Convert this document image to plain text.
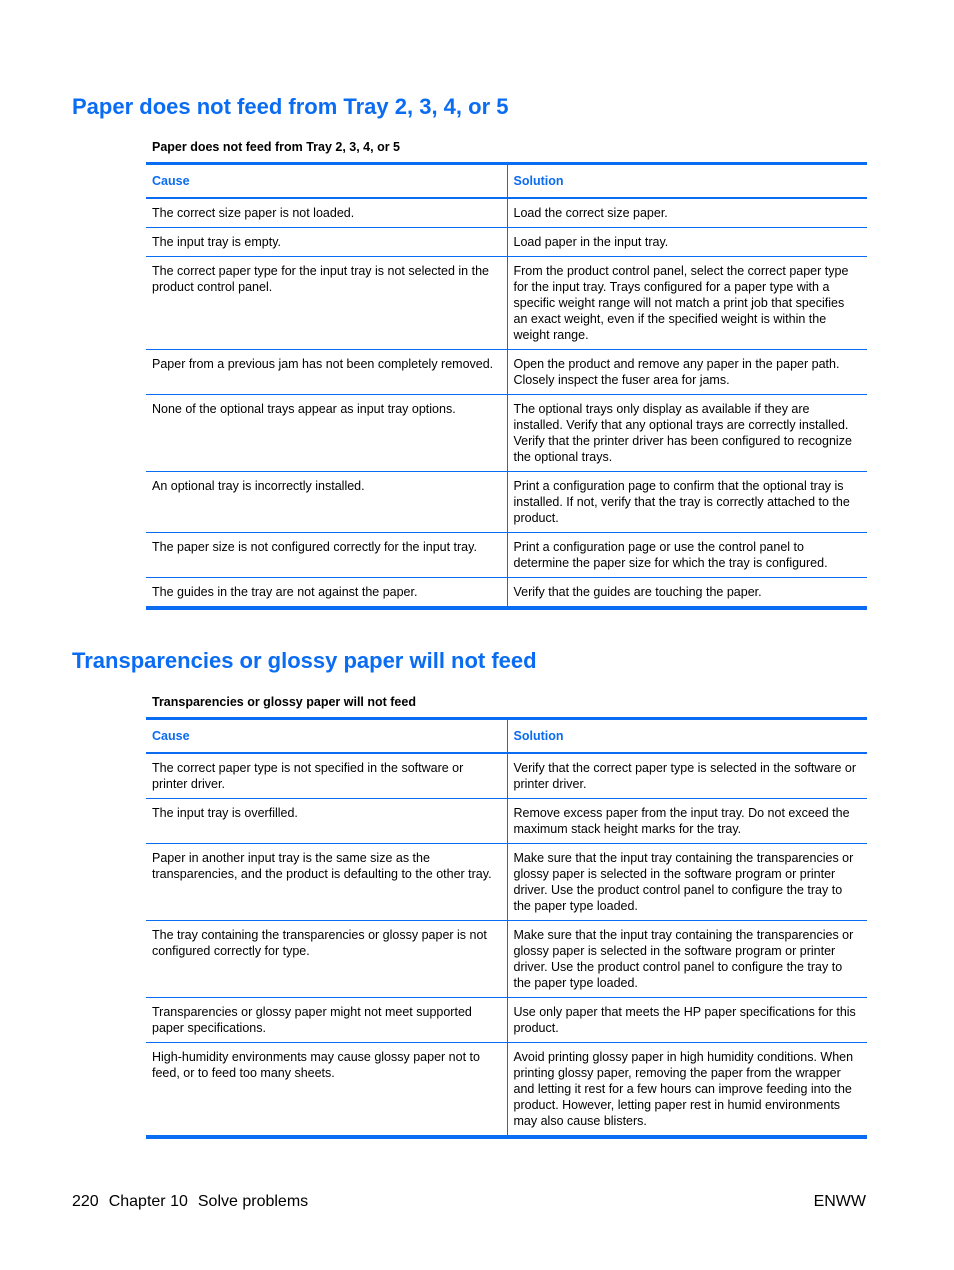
Paper does not feed from Tray 2, 3, 4, or 5
Paper does not feed from Tray 2, 3, 4, or 5
Cause	Solution
The correct size paper is not loaded.	Load the correct size paper.
The input tray is empty.	Load paper in the input tray.
The correct paper type for the input tray is not selected in the product control panel.	From the product control panel, select the correct paper type for the input tray. Trays configured for a paper type with a specific weight range will not match a print job that specifies an exact weight, even if the specified weight is within the weight range.
Paper from a previous jam has not been completely removed.	Open the product and remove any paper in the paper path. Closely inspect the fuser area for jams.
None of the optional trays appear as input tray options.	The optional trays only display as available if they are installed. Verify that any optional trays are correctly installed. Verify that the printer driver has been configured to recognize the optional trays.
An optional tray is incorrectly installed.	Print a configuration page to confirm that the optional tray is installed. If not, verify that the tray is correctly attached to the product.
The paper size is not configured correctly for the input tray.	Print a configuration page or use the control panel to determine the paper size for which the tray is configured.
The guides in the tray are not against the paper.	Verify that the guides are touching the paper.
Transparencies or glossy paper will not feed
Transparencies or glossy paper will not feed
Cause	Solution
The correct paper type is not specified in the software or printer driver.	Verify that the correct paper type is selected in the software or printer driver.
The input tray is overfilled.	Remove excess paper from the input tray. Do not exceed the maximum stack height marks for the tray.
Paper in another input tray is the same size as the transparencies, and the product is defaulting to the other tray.	Make sure that the input tray containing the transparencies or glossy paper is selected in the software program or printer driver. Use the product control panel to configure the tray to the paper type loaded.
The tray containing the transparencies or glossy paper is not configured correctly for type.	Make sure that the input tray containing the transparencies or glossy paper is selected in the software program or printer driver. Use the product control panel to configure the tray to the paper type loaded.
Transparencies or glossy paper might not meet supported paper specifications.	Use only paper that meets the HP paper specifications for this product.
High-humidity environments may cause glossy paper not to feed, or to feed too many sheets.	Avoid printing glossy paper in high humidity conditions. When printing glossy paper, removing the paper from the wrapper and letting it rest for a few hours can improve feeding into the product. However, letting paper rest in humid environments may also cause blisters.
220 Chapter 10 Solve problems	ENWW
